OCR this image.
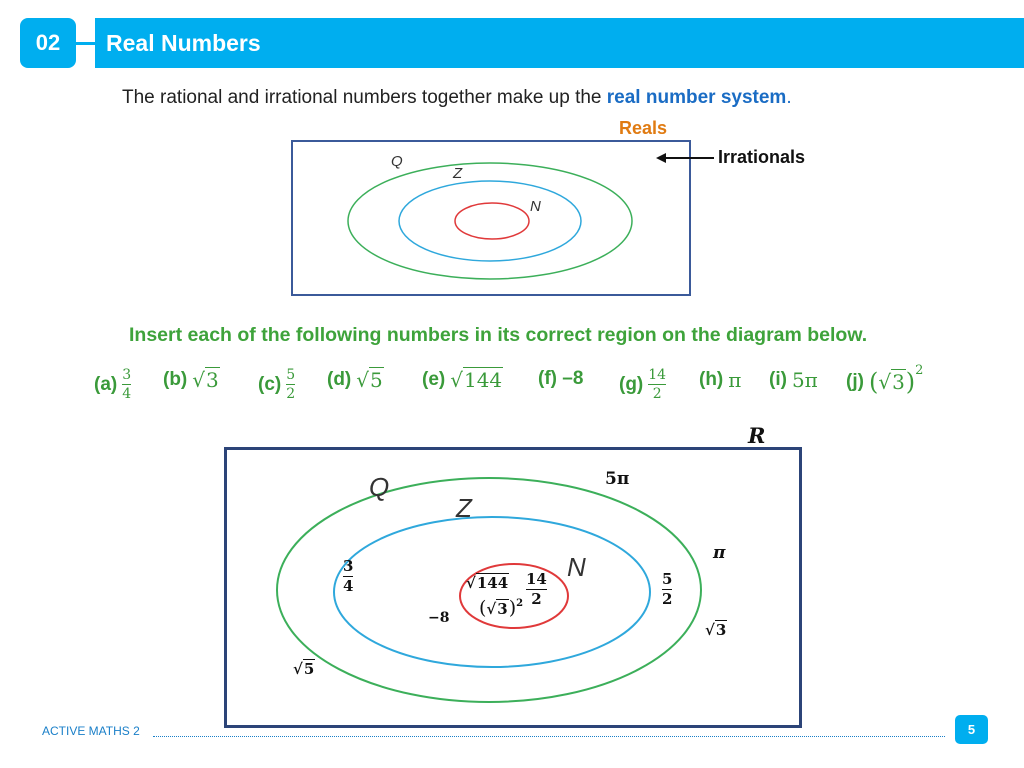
02	Real Numbers
The rational and irrational numbers together make up the real number system.
Reals
Q
Z
N
Irrationals
Insert each of the following numbers in its correct region on the diagram below.
$(a) \frac{3}{4} (b)$ √3 $(c) \frac{5}{2} (d)$ √5 (e) √144 (f) –8 $(g) \frac{14}{2} (h)$ π (i) 5π (j) ( √3 ) 2
R
Q
Z
N
5π
π
3
4	5
2
−8
√144 14
2
$(√3)^2$
√3
√5
ACTIVE MATHS 2	5
